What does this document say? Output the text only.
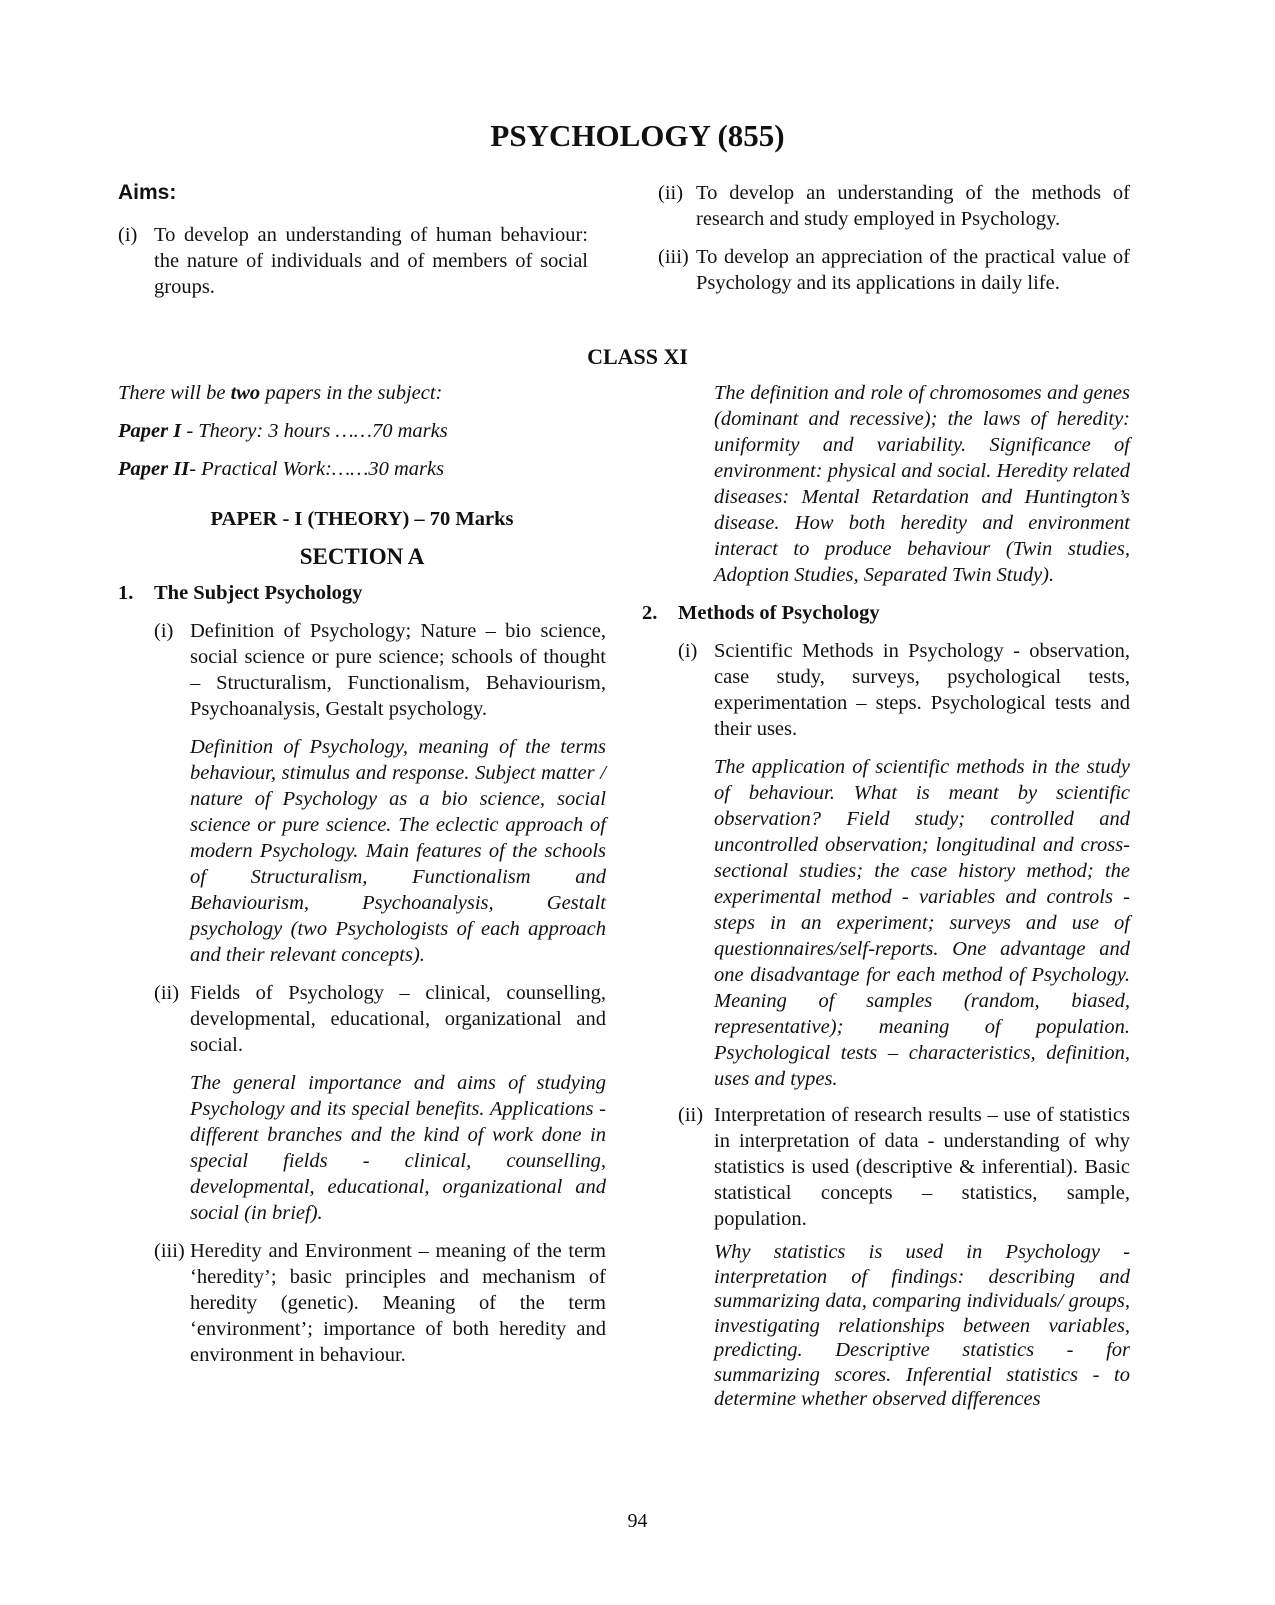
PSYCHOLOGY (855)

Aims:

(i) To develop an understanding of human behaviour: the nature of individuals and of members of social groups.
(ii) To develop an understanding of the methods of research and study employed in Psychology.
(iii) To develop an appreciation of the practical value of Psychology and its applications in daily life.

CLASS XI

There will be two papers in the subject:

Paper I - Theory: 3 hours ……70 marks

Paper II- Practical Work:……30 marks

PAPER - I (THEORY) – 70 Marks

SECTION A

1. The Subject Psychology
(i) Definition of Psychology; Nature – bio science, social science or pure science; schools of thought – Structuralism, Functionalism, Behaviourism, Psychoanalysis, Gestalt psychology.
Definition of Psychology, meaning of the terms behaviour, stimulus and response. Subject matter / nature of Psychology as a bio science, social science or pure science. The eclectic approach of modern Psychology. Main features of the schools of Structuralism, Functionalism and Behaviourism, Psychoanalysis, Gestalt psychology (two Psychologists of each approach and their relevant concepts).
(ii) Fields of Psychology – clinical, counselling, developmental, educational, organizational and social.
The general importance and aims of studying Psychology and its special benefits. Applications - different branches and the kind of work done in special fields - clinical, counselling, developmental, educational, organizational and social (in brief).
(iii) Heredity and Environment – meaning of the term ‘heredity’; basic principles and mechanism of heredity (genetic). Meaning of the term ‘environment’; importance of both heredity and environment in behaviour.

The definition and role of chromosomes and genes (dominant and recessive); the laws of heredity: uniformity and variability. Significance of environment: physical and social. Heredity related diseases: Mental Retardation and Huntington’s disease. How both heredity and environment interact to produce behaviour (Twin studies, Adoption Studies, Separated Twin Study).

2. Methods of Psychology
(i) Scientific Methods in Psychology - observation, case study, surveys, psychological tests, experimentation – steps. Psychological tests and their uses.
The application of scientific methods in the study of behaviour. What is meant by scientific observation? Field study; controlled and uncontrolled observation; longitudinal and cross-sectional studies; the case history method; the experimental method - variables and controls - steps in an experiment; surveys and use of questionnaires/self-reports. One advantage and one disadvantage for each method of Psychology. Meaning of samples (random, biased, representative); meaning of population. Psychological tests – characteristics, definition, uses and types.
(ii) Interpretation of research results – use of statistics in interpretation of data - understanding of why statistics is used (descriptive & inferential). Basic statistical concepts – statistics, sample, population.
Why statistics is used in Psychology - interpretation of findings: describing and summarizing data, comparing individuals/ groups, investigating relationships between variables, predicting. Descriptive statistics - for summarizing scores. Inferential statistics - to determine whether observed differences

94
